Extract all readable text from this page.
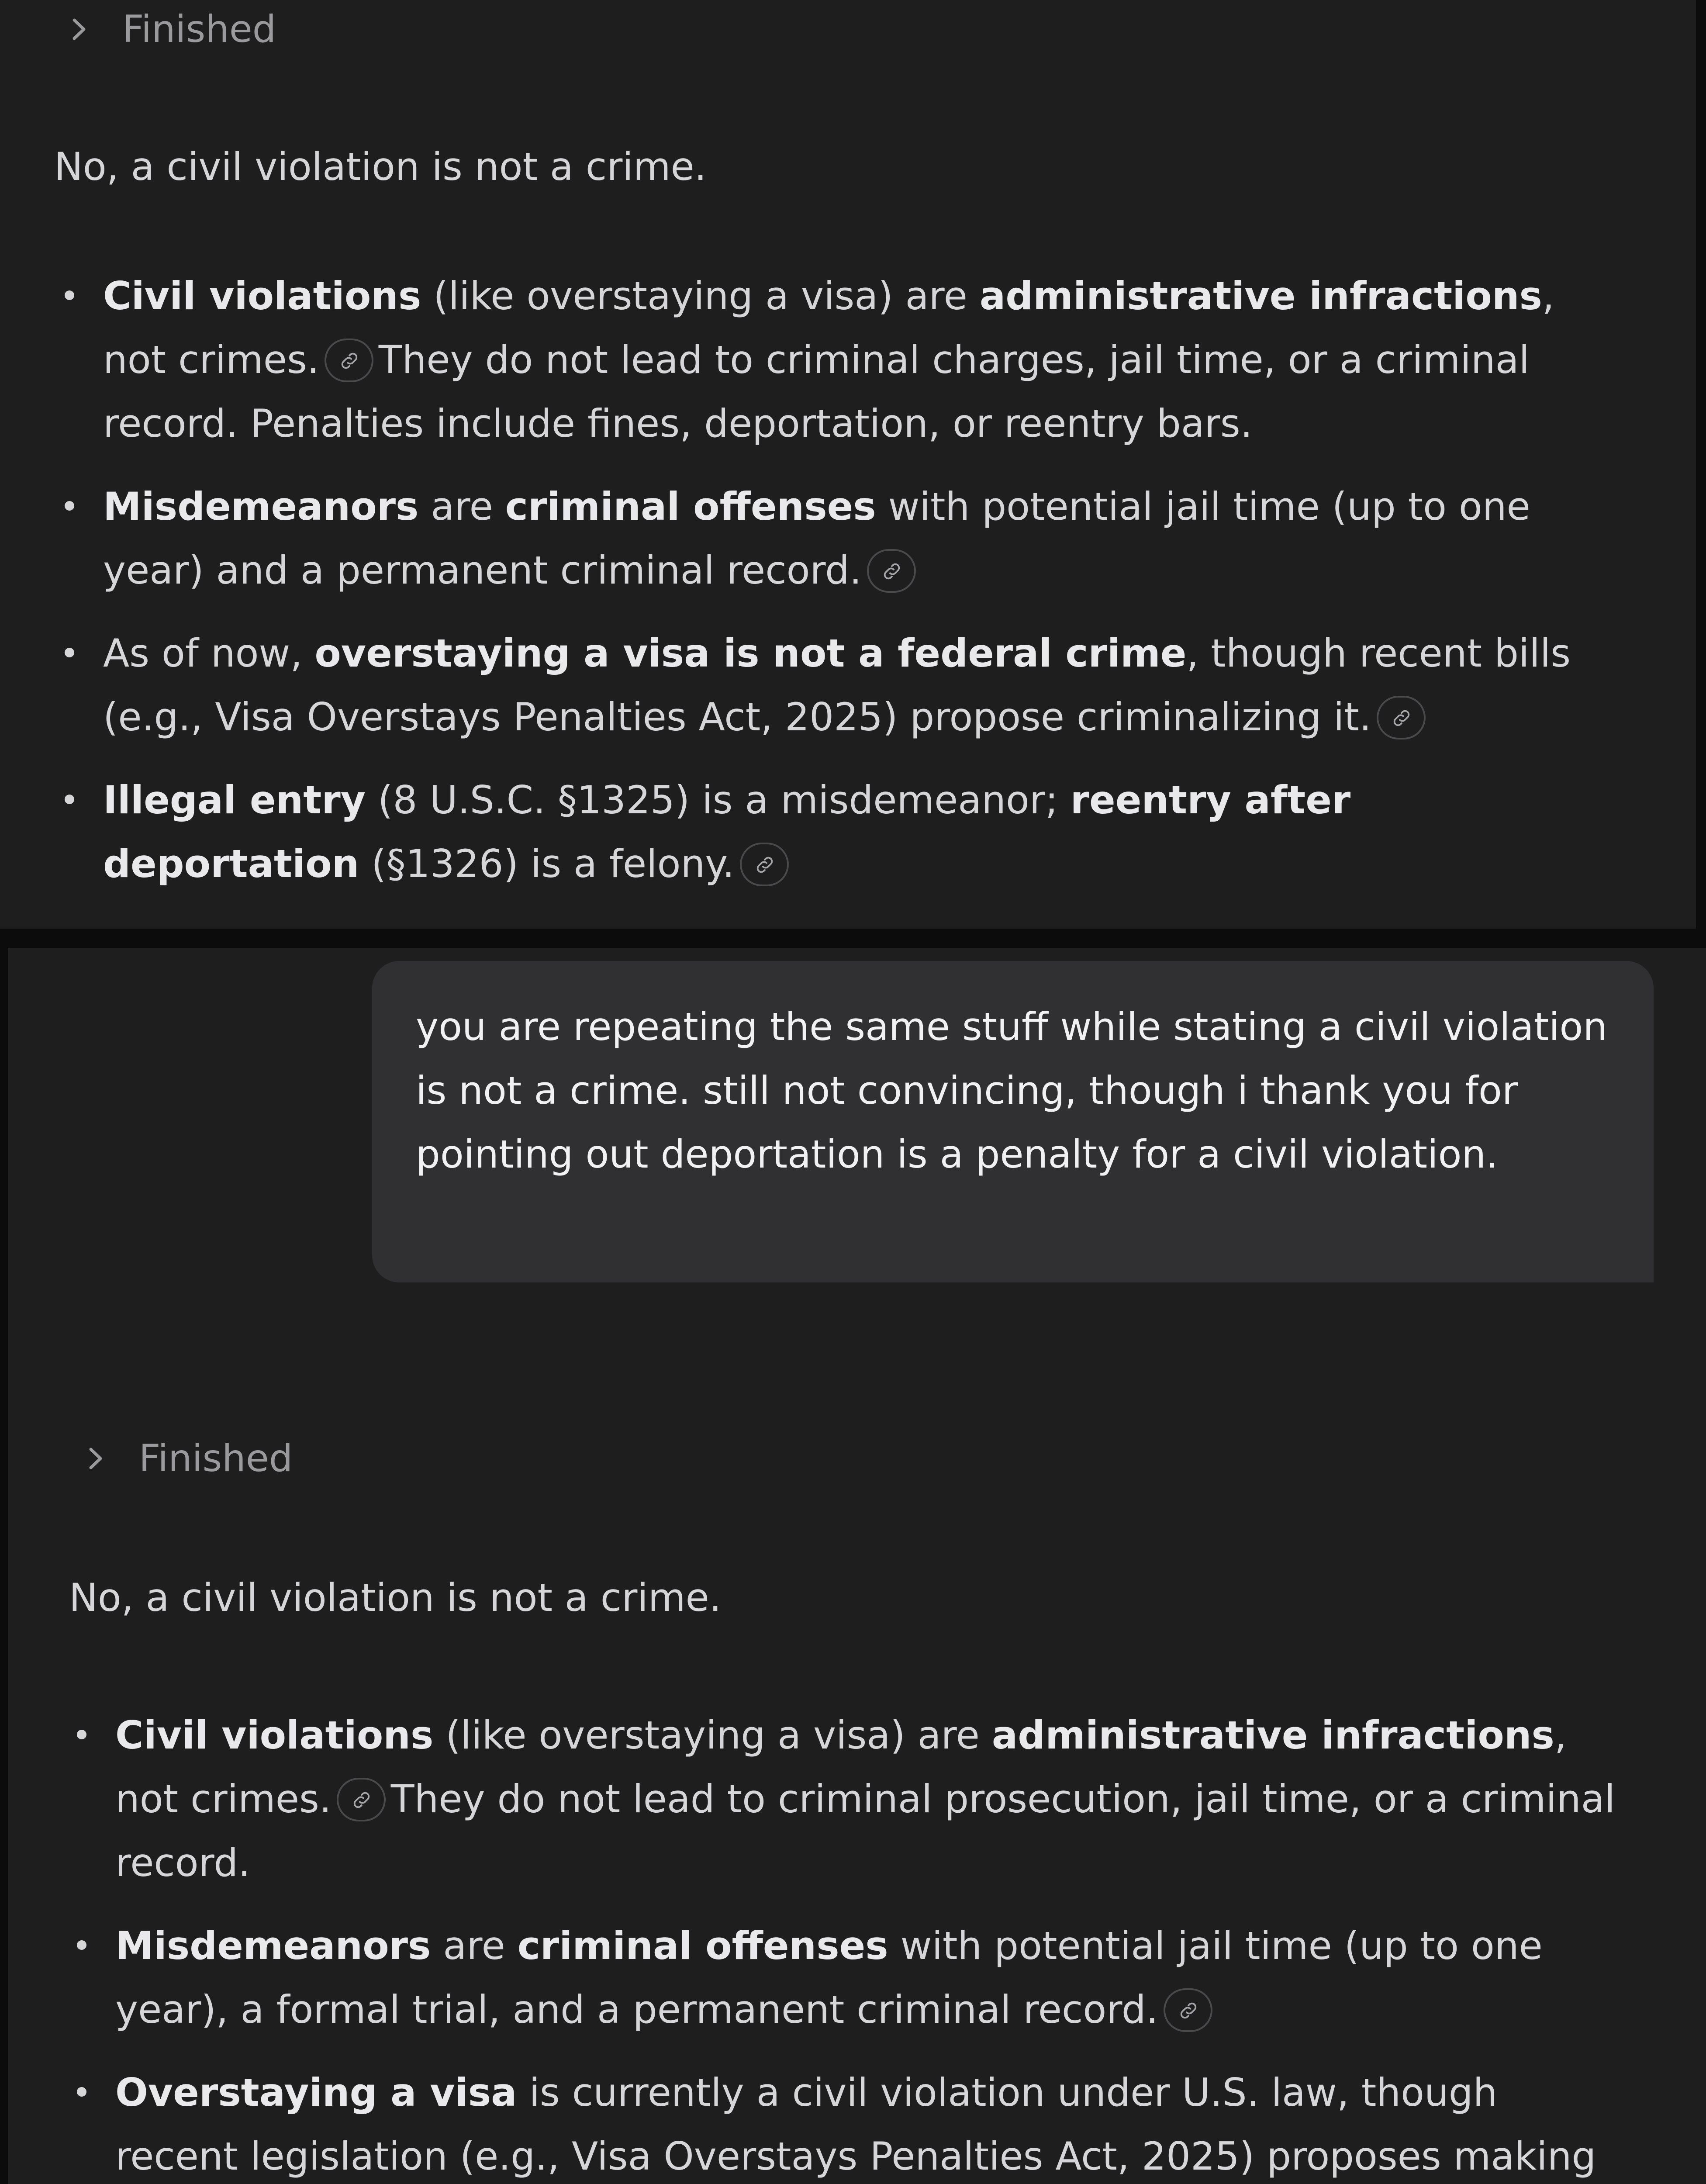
Finished
No, a civil violation is not a crime.
Civil violations (like overstaying a visa) are administrative infractions, not crimes. They do not lead to criminal charges, jail time, or a criminal record. Penalties include fines, deportation, or reentry bars.
Misdemeanors are criminal offenses with potential jail time (up to one year) and a permanent criminal record.
As of now, overstaying a visa is not a federal crime, though recent bills (e.g., Visa Overstays Penalties Act, 2025) propose criminalizing it.
Illegal entry (8 U.S.C. §1325) is a misdemeanor; reentry after deportation (§1326) is a felony.
you are repeating the same stuff while stating a civil violation is not a crime. still not convincing, though i thank you for pointing out deportation is a penalty for a civil violation.
Finished
No, a civil violation is not a crime.
Civil violations (like overstaying a visa) are administrative infractions, not crimes. They do not lead to criminal prosecution, jail time, or a criminal record.
Misdemeanors are criminal offenses with potential jail time (up to one year), a formal trial, and a permanent criminal record.
Overstaying a visa is currently a civil violation under U.S. law, though recent legislation (e.g., Visa Overstays Penalties Act, 2025) proposes making
